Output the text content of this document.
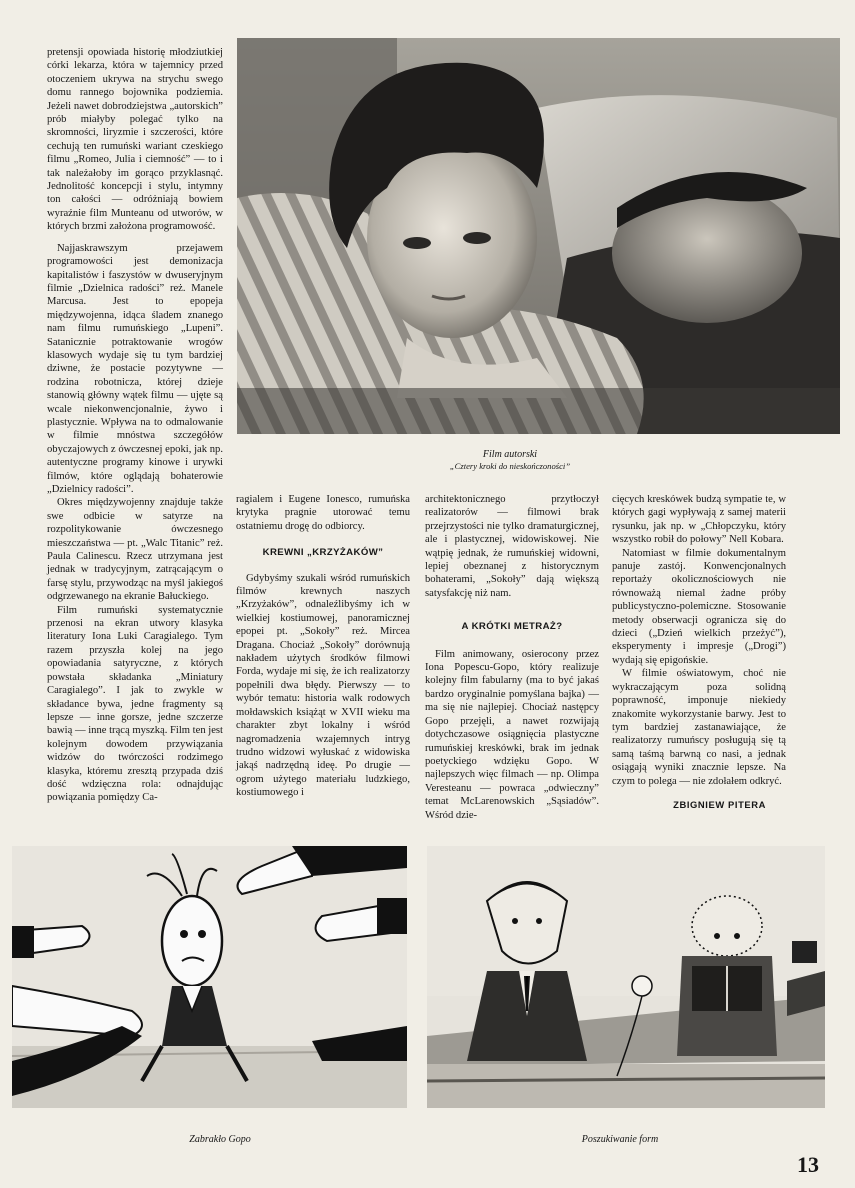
pretensji opowiada historię młodziutkiej córki lekarza, która w tajemnicy przed otoczeniem ukrywa na strychu swego domu rannego bojownika podziemia. Jeżeli nawet dobrodziejstwa „autorskich” prób miałyby polegać tylko na skromności, liryzmie i szczerości, które cechują ten rumuński wariant czeskiego filmu „Romeo, Julia i ciemność” — to i tak należałoby im gorąco przyklasnąć. Jednolitość koncepcji i stylu, intymny ton całości — odróżniają bowiem wyraźnie film Munteanu od utworów, w których brzmi założona programowość.

Najjaskrawszym przejawem programowości jest demonizacja kapitalistów i faszystów w dwuseryjnym filmie „Dzielnica radości” reż. Manele Marcusa. Jest to epopeja międzywojenna, idąca śladem znanego nam filmu rumuńskiego „Lupeni”. Satanicznie potraktowanie wrogów klasowych wydaje się tu tym bardziej dziwne, że postacie pozytywne — rodzina robotnicza, której dzieje stanowią główny wątek filmu — ujęte są wcale niekonwencjonalnie, żywo i plastycznie. Wpływa na to odmalowanie w filmie mnóstwa szczegółów obyczajowych z ówczesnej epoki, jak np. autentyczne programy kinowe i urywki filmów, które oglądają bohaterowie „Dzielnicy radości”.

Okres międzywojenny znajduje także swe odbicie w satyrze na rozpolitykowanie ówczesnego mieszczaństwa — pt. „Walc Titanic” reż. Paula Calinescu. Rzecz utrzymana jest jednak w tradycyjnym, zatrącającym o farsę stylu, przywodząc na myśl jakiegoś odgrzewanego na ekranie Bałuckiego.

Film rumuński systematycznie przenosi na ekran utwory klasyka literatury Iona Luki Caragialego. Tym razem przyszła kolej na jego opowiadania satyryczne, z których powstała składanka „Miniatury Caragialego”. I jak to zwykle w składance bywa, jedne fragmenty są lepsze — inne gorsze, jedne szczerze bawią — inne trącą myszką. Film ten jest kolejnym dowodem przywiązania widzów do twórczości rodzimego klasyka, któremu zresztą przypada dziś dość wdzięczna rola: odnajdując powiązania pomiędzy Ca-

Film autorski
„Cztery kroki do nieskończoności”

ragialem i Eugene Ionesco, rumuńska krytyka pragnie utorować temu ostatniemu drogę do odbiorcy.

KREWNI „KRZYŻAKÓW”

Gdybyśmy szukali wśród rumuńskich filmów krewnych naszych „Krzyżaków”, odnaleźlibyśmy ich w wielkiej kostiumowej, panoramicznej epopei pt. „Sokoły” reż. Mircea Dragana. Chociaż „Sokoły” dorównują nakładem użytych środków filmowi Forda, wydaje mi się, że ich realizatorzy popełnili dwa błędy. Pierwszy — to wybór tematu: historia walk rodowych mołdawskich książąt w XVII wieku ma charakter zbyt lokalny i wśród nagromadzenia wzajemnych intryg trudno widzowi wyłuskać z widowiska jakąś nadrzędną ideę. Po drugie — ogrom użytego materiału ludzkiego, kostiumowego i

architektonicznego przytłoczył realizatorów — filmowi brak przejrzystości nie tylko dramaturgicznej, ale i plastycznej, widowiskowej. Nie wątpię jednak, że rumuńskiej widowni, lepiej obeznanej z historycznym bohaterami, „Sokoły” dają większą satysfakcję niż nam.

A KRÓTKI METRAŻ?

Film animowany, osierocony przez Iona Popescu-Gopo, który realizuje kolejny film fabularny (ma to być jakaś bardzo oryginalnie pomyślana bajka) — ma się nie najlepiej. Chociaż następcy Gopo przejęli, a nawet rozwijają dotychczasowe osiągnięcia plastyczne rumuńskiej kreskówki, brak im jednak poetyckiego wdzięku Gopo. W najlepszych więc filmach — np. Olimpa Veresteanu — powraca „odwieczny” temat McLarenowskich „Sąsiadów”. Wśród dzie-

cięcych kreskówek budzą sympatie te, w których gagi wypływają z samej materii rysunku, jak np. w „Chłopczyku, który wszystko robił do połowy” Nell Kobara.

Natomiast w filmie dokumentalnym panuje zastój. Konwencjonalnych reportaży okolicznościowych nie równoważą niemal żadne próby publicystyczno-polemiczne. Stosowanie metody obserwacji ogranicza się do dzieci („Dzień wielkich przeżyć”), eksperymenty i impresje („Drogi”) wydają się epigońskie.

W filmie oświatowym, choć nie wykraczającym poza solidną poprawność, imponuje niekiedy znakomite wykorzystanie barwy. Jest to tym bardziej zastanawiające, że realizatorzy rumuńscy posługują się tą samą taśmą barwną co nasi, a jednak osiągają wyniki znacznie lepsze. Na czym to polega — nie zdołałem odkryć.

ZBIGNIEW PITERA

Zabrakło Gopo	Poszukiwanie form
13
